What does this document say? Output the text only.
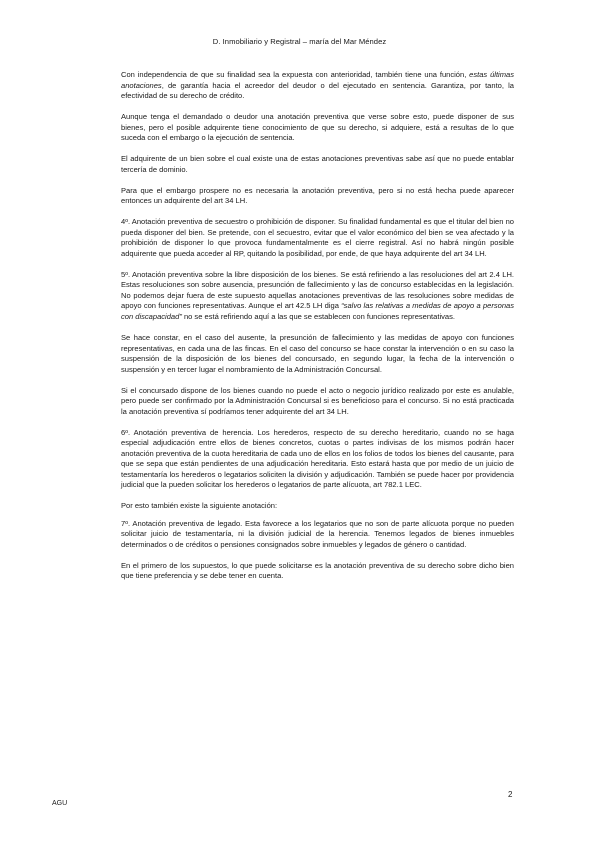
D. Inmobiliario y Registral – maría del Mar Méndez

Con independencia de que su finalidad sea la expuesta con anterioridad, también tiene una función, estas últimas anotaciones, de garantía hacia el acreedor del deudor o del ejecutado en sentencia. Garantiza, por tanto, la efectividad de su derecho de crédito.

Aunque tenga el demandado o deudor una anotación preventiva que verse sobre esto, puede disponer de sus bienes, pero el posible adquirente tiene conocimiento de que su derecho, si adquiere, está a resultas de lo que suceda con el embargo o la ejecución de sentencia.

El adquirente de un bien sobre el cual existe una de estas anotaciones preventivas sabe así que no puede entablar tercería de dominio.

Para que el embargo prospere no es necesaria la anotación preventiva, pero si no está hecha puede aparecer entonces un adquirente del art 34 LH.

4º. Anotación preventiva de secuestro o prohibición de disponer. Su finalidad fundamental es que el titular del bien no pueda disponer del bien. Se pretende, con el secuestro, evitar que el valor económico del bien se vea afectado y la prohibición de disponer lo que provoca fundamentalmente es el cierre registral. Así no habrá ningún posible adquirente que pueda acceder al RP, quitando la posibilidad, por ende, de que haya adquirente del art 34 LH.

5º. Anotación preventiva sobre la libre disposición de los bienes. Se está refiriendo a las resoluciones del art 2.4 LH. Estas resoluciones son sobre ausencia, presunción de fallecimiento y las de concurso establecidas en la legislación. No podemos dejar fuera de este supuesto aquellas anotaciones preventivas de las resoluciones sobre medidas de apoyo con funciones representativas. Aunque el art 42.5 LH diga “salvo las relativas a medidas de apoyo a personas con discapacidad” no se está refiriendo aquí a las que se establecen con funciones representativas.

Se hace constar, en el caso del ausente, la presunción de fallecimiento y las medidas de apoyo con funciones representativas, en cada una de las fincas. En el caso del concurso se hace constar la intervención o en su caso la suspensión de la disposición de los bienes del concursado, en segundo lugar, la fecha de la intervención o suspensión y en tercer lugar el nombramiento de la Administración Concursal.

Si el concursado dispone de los bienes cuando no puede el acto o negocio jurídico realizado por este es anulable, pero puede ser confirmado por la Administración Concursal si es beneficioso para el concurso. Si no está practicada la anotación preventiva sí podríamos tener adquirente del art 34 LH.

6º. Anotación preventiva de herencia. Los herederos, respecto de su derecho hereditario, cuando no se haga especial adjudicación entre ellos de bienes concretos, cuotas o partes indivisas de los mismos podrán hacer anotación preventiva de la cuota hereditaria de cada uno de ellos en los folios de todos los bienes del causante, para que se sepa que están pendientes de una adjudicación hereditaria. Esto estará hasta que por medio de un juicio de testamentaría los herederos o legatarios soliciten la división y adjudicación. También se puede hacer por providencia judicial que la pueden solicitar los herederos o legatarios de parte alícuota, art 782.1 LEC.

Por esto también existe la siguiente anotación:

7º. Anotación preventiva de legado. Esta favorece a los legatarios que no son de parte alícuota porque no pueden solicitar juicio de testamentaría, ni la división judicial de la herencia. Tenemos legados de bienes inmuebles determinados o de créditos o pensiones consignados sobre inmuebles y legados de género o cantidad.

En el primero de los supuestos, lo que puede solicitarse es la anotación preventiva de su derecho sobre dicho bien que tiene preferencia y se debe tener en cuenta.

2
AGU
